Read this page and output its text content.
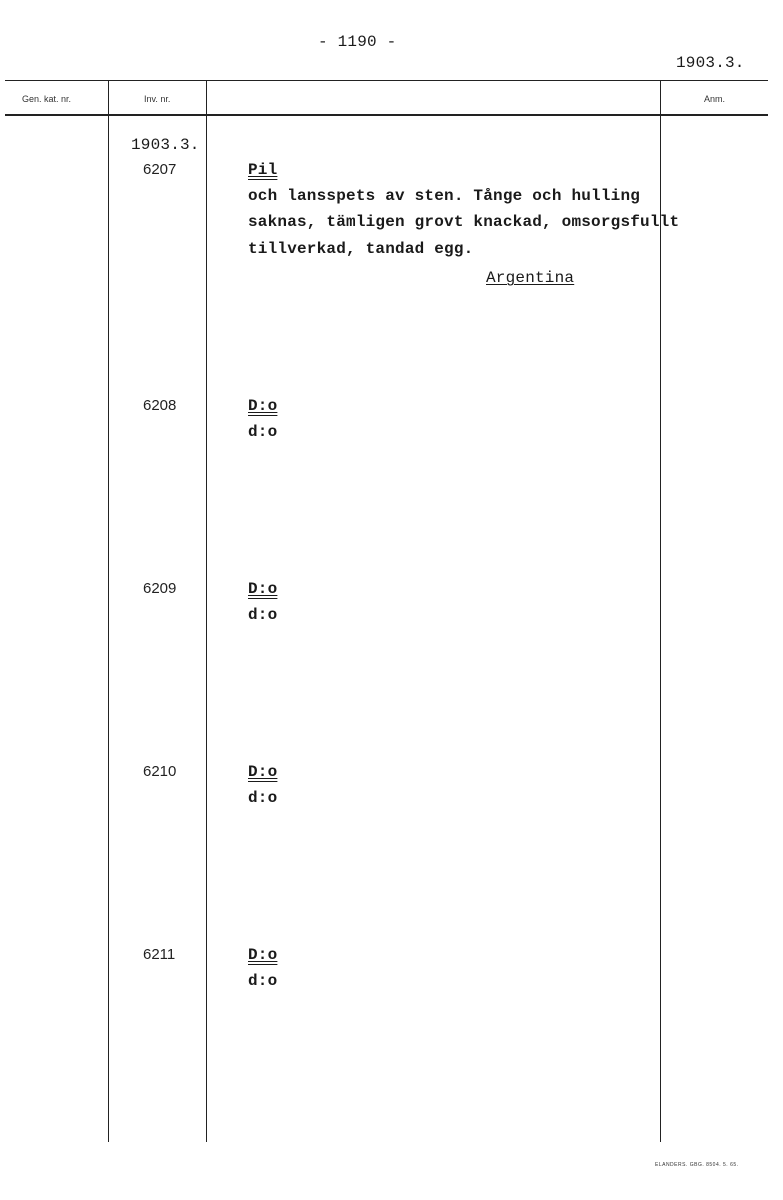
- 1190 -
1903.3.
Gen. kat. nr.	Inv. nr.	Anm.
1903.3.
6207	Pil
och lansspets av sten. Tånge och hulling
saknas, tämligen grovt knackad, omsorgsfullt
tillverkad, tandad egg.
Argentina
6208	D:o
d:o
6209	D:o
d:o
6210	D:o
d:o
6211	D:o
d:o
ELANDERS. GBG. 8504. 5. 65.
